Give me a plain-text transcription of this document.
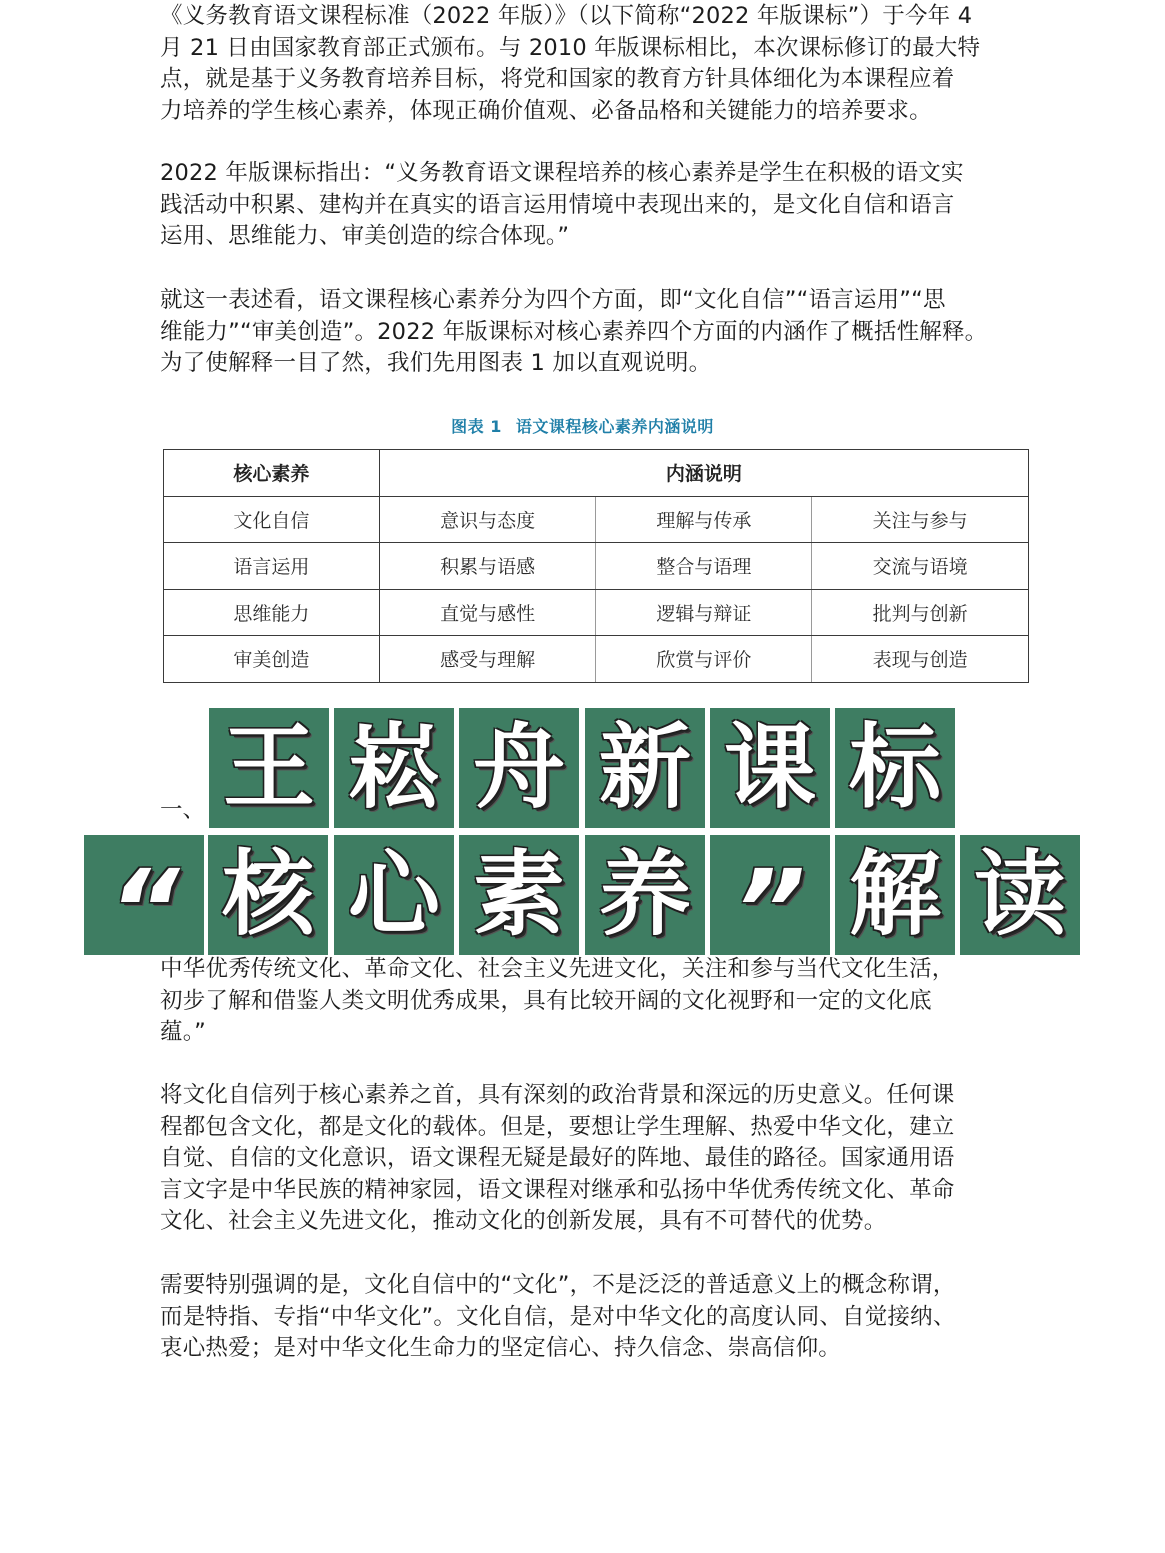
《义务教育语文课程标准（2022 年版）》（以下简称“2022 年版课标”）于今年 4
月 21 日由国家教育部正式颁布。与 2010 年版课标相比，本次课标修订的最大特
点，就是基于义务教育培养目标，将党和国家的教育方针具体细化为本课程应着
力培养的学生核心素养，体现正确价值观、必备品格和关键能力的培养要求。

2022 年版课标指出：“义务教育语文课程培养的核心素养是学生在积极的语文实
践活动中积累、建构并在真实的语言运用情境中表现出来的，是文化自信和语言
运用、思维能力、审美创造的综合体现。”

就这一表述看，语文课程核心素养分为四个方面，即“文化自信”“语言运用”“思
维能力”“审美创造”。2022 年版课标对核心素养四个方面的内涵作了概括性解释。
为了使解释一目了然，我们先用图表 1 加以直观说明。

图表 1 语文课程核心素养内涵说明
核心素养	内涵说明		
文化自信	意识与态度	理解与传承	关注与参与
语言运用	积累与语感	整合与语理	交流与语境
思维能力	直觉与感性	逻辑与辩证	批判与创新
审美创造	感受与理解	欣赏与评价	表现与创造
一、

中华优秀传统文化、革命文化、社会主义先进文化，关注和参与当代文化生活，
初步了解和借鉴人类文明优秀成果，具有比较开阔的文化视野和一定的文化底
蕴。”

将文化自信列于核心素养之首，具有深刻的政治背景和深远的历史意义。任何课
程都包含文化，都是文化的载体。但是，要想让学生理解、热爱中华文化，建立
自觉、自信的文化意识，语文课程无疑是最好的阵地、最佳的路径。国家通用语
言文字是中华民族的精神家园，语文课程对继承和弘扬中华优秀传统文化、革命
文化、社会主义先进文化，推动文化的创新发展，具有不可替代的优势。

需要特别强调的是，文化自信中的“文化”，不是泛泛的普适意义上的概念称谓，
而是特指、专指“中华文化”。文化自信，是对中华文化的高度认同、自觉接纳、
衷心热爱；是对中华文化生命力的坚定信心、持久信念、崇高信仰。

王 崧 舟 新 课 标
“ 核 心 素 养 ” 解 读
